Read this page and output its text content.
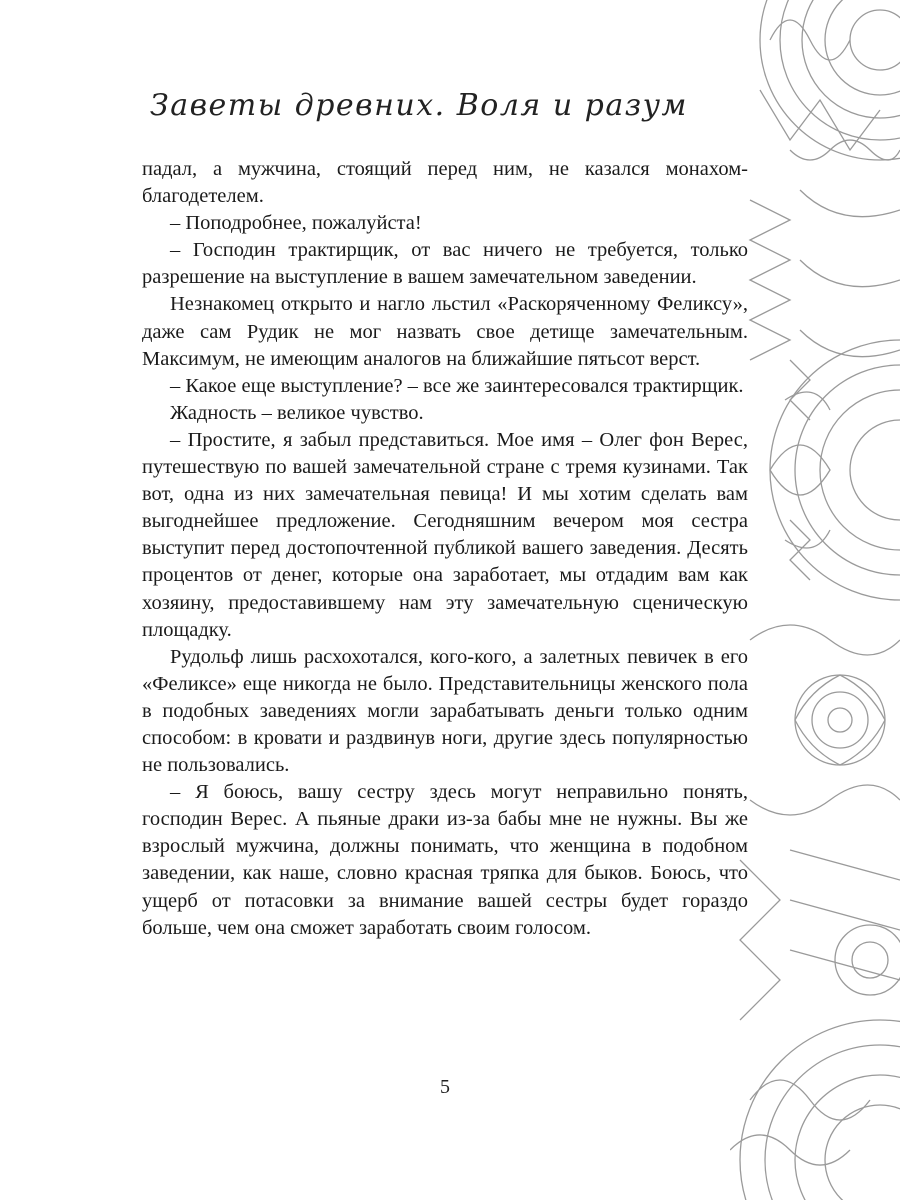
Заветы древних. Воля и разум

падал, а мужчина, стоящий перед ним, не казался монахом-благодетелем.

– Поподробнее, пожалуйста!

– Господин трактирщик, от вас ничего не требуется, только разрешение на выступление в вашем замечательном заведении.

Незнакомец открыто и нагло льстил «Раскоряченному Феликсу», даже сам Рудик не мог назвать свое детище замечательным. Максимум, не имеющим аналогов на ближайшие пятьсот верст.

– Какое еще выступление? – все же заинтересовался трактирщик.

Жадность – великое чувство.

– Простите, я забыл представиться. Мое имя – Олег фон Верес, путешествую по вашей замечательной стране с тремя кузинами. Так вот, одна из них замечательная певица! И мы хотим сделать вам выгоднейшее предложение. Сегодняшним вечером моя сестра выступит перед достопочтенной публикой вашего заведения. Десять процентов от денег, которые она заработает, мы отдадим вам как хозяину, предоставившему нам эту замечательную сценическую площадку.

Рудольф лишь расхохотался, кого-кого, а залетных певичек в его «Феликсе» еще никогда не было. Представительницы женского пола в подобных заведениях могли зарабатывать деньги только одним способом: в кровати и раздвинув ноги, другие здесь популярностью не пользовались.

– Я боюсь, вашу сестру здесь могут неправильно понять, господин Верес. А пьяные драки из-за бабы мне не нужны. Вы же взрослый мужчина, должны понимать, что женщина в подобном заведении, как наше, словно красная тряпка для быков. Боюсь, что ущерб от потасовки за внимание вашей сестры будет гораздо больше, чем она сможет заработать своим голосом.

5
